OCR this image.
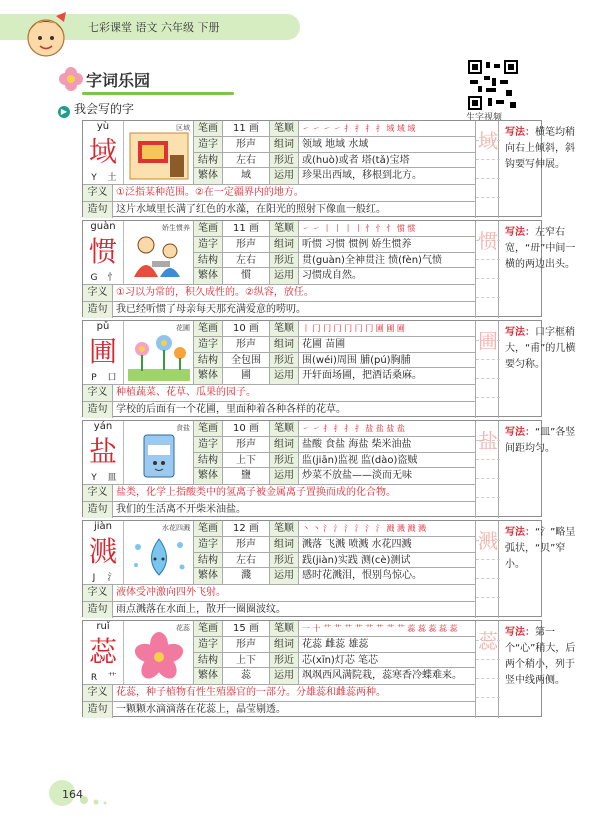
七彩课堂 语文 六年级 下册
字词乐园
▶ 我会写的字
生字视频
yù
域
Y 土
区域 笔画	11 画	笔顺	㇀ ㇀ ㇀ ㇀ 扌 扌 扌 扌 域 域 域
造字	形声	组词 领域 地域 水域
结构	左右	形近 或(huò)或者 塔(tǎ)宝塔
繁体	域	运用 珍果出西域，移根到北方。
字义 ①泛指某种范围。②在一定疆界内的地方。
造句 这片水域里长满了红色的水藻，在阳光的照射下像血一般红。
域 写法：横笔均稍向右上倾斜，斜钩要写伸展。
guàn
惯
G 忄
娇生惯养 笔画	11 画	笔顺	㇀ ㇀ 丨 丨 丨 丨 忄 忄 忄 惯 惯
造字	形声	组词 听惯 习惯 惯例 娇生惯养
结构	左右	形近 贯(guàn)全神贯注 愤(fèn)气愤
繁体	慣	运用 习惯成自然。
字义 ①习以为常的，积久成性的。②纵容，放任。
造句 我已经听惯了母亲每天那充满爱意的唠叨。
惯 写法：左窄右宽，“毌”中间一横的两边出头。
pǔ
圃
P 口
花圃 笔画	10 画	笔顺	丨 冂 冂 冂 冂 冂 冂 圃 圃 圃
造字	形声	组词 花圃 苗圃
结构	全包围	形近 围(wéi)周围 脯(pú)胸脯
繁体	圃	运用 开轩面场圃，把酒话桑麻。
字义 种植蔬菜、花草、瓜果的园子。
造句 学校的后面有一个花圃，里面种着各种各样的花草。
圃 写法：口字框稍大，“甫”的几横要匀称。
yán
盐
Y 皿
食盐 笔画	10 画	笔顺	㇀ ㇀ 扌 扌 扌 扌 盐 盐 盐 盐
造字	形声	组词 盐酸 食盐 海盐 柴米油盐
结构	上下	形近 监(jiān)监视 监(dào)盗贼
繁体	鹽	运用 炒菜不放盐——淡而无味
字义 盐类，化学上指酸类中的氢离子被金属离子置换而成的化合物。
造句 我们的生活离不开柴米油盐。
盐 写法：“皿”各竖间距均匀。
jiàn
溅
J 氵
水花四溅 笔画	12 画	笔顺	丶 丶 氵 氵 氵 氵 氵 氵 溅 溅 溅 溅
造字	形声	组词 溅落 飞溅 喷溅 水花四溅
结构	左右	形近 践(jiàn)实践 测(cè)测试
繁体	濺	运用 感时花溅泪，恨别鸟惊心。
字义 液体受冲激向四外飞射。
造句 雨点溅落在水面上，散开一圈圈波纹。
溅 写法：“氵”略呈弧状，“贝”窄小。
ruǐ
蕊
R 艹
花蕊 笔画	15 画	笔顺	一 十 艹 艹 艹 艹 艹 艹 艹 艹 蕊 蕊 蕊 蕊 蕊
造字	形声	组词 花蕊 雌蕊 雄蕊
结构	上下	形近 芯(xīn)灯芯 笔芯
繁体	蕊	运用 飒飒西风满院栽，蕊寒香冷蝶难来。
字义 花蕊，种子植物有性生殖器官的一部分。分雄蕊和雌蕊两种。
造句 一颗颗水滴滴落在花蕊上，晶莹剔透。
蕊 写法：第一个“心”稍大，后两个稍小，列于竖中线两侧。
164
